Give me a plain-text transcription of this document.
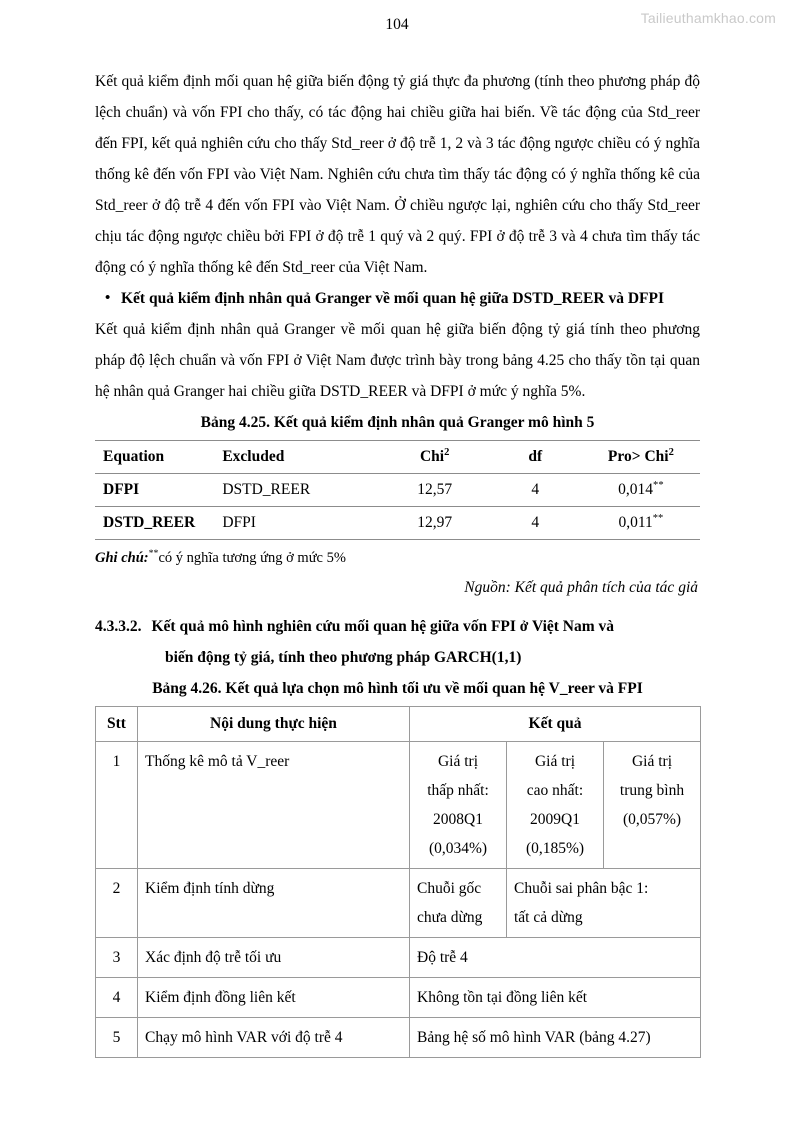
Tailieuthamkhao.com
104

Kết quả kiểm định mối quan hệ giữa biến động tỷ giá thực đa phương (tính theo phương pháp độ lệch chuẩn) và vốn FPI cho thấy, có tác động hai chiều giữa hai biến. Về tác động của Std_reer đến FPI, kết quả nghiên cứu cho thấy Std_reer ở độ trễ 1, 2 và 3 tác động ngược chiều có ý nghĩa thống kê đến vốn FPI vào Việt Nam. Nghiên cứu chưa tìm thấy tác động có ý nghĩa thống kê của Std_reer ở độ trễ 4 đến vốn FPI vào Việt Nam. Ở chiều ngược lại, nghiên cứu cho thấy Std_reer chịu tác động ngược chiều bởi FPI ở độ trễ 1 quý và 2 quý. FPI ở độ trễ 3 và 4 chưa tìm thấy tác động có ý nghĩa thống kê đến Std_reer của Việt Nam.

• Kết quả kiểm định nhân quả Granger về mối quan hệ giữa DSTD_REER và DFPI

Kết quả kiểm định nhân quả Granger về mối quan hệ giữa biến động tỷ giá tính theo phương pháp độ lệch chuẩn và vốn FPI ở Việt Nam được trình bày trong bảng 4.25 cho thấy tồn tại quan hệ nhân quả Granger hai chiều giữa DSTD_REER và DFPI ở mức ý nghĩa 5%.

Bảng 4.25. Kết quả kiểm định nhân quả Granger mô hình 5

Equation	Excluded	Chi$^2$	df	Pro> Chi$^2$
DFPI	DSTD_REER	12,57	4	0,014**
DSTD_REER	DFPI	12,97	4	0,011**

Ghi chú:**có ý nghĩa tương ứng ở mức 5%

Nguồn: Kết quả phân tích của tác giả

4.3.3.2. Kết quả mô hình nghiên cứu mối quan hệ giữa vốn FPI ở Việt Nam và
biến động tỷ giá, tính theo phương pháp GARCH(1,1)

Bảng 4.26. Kết quả lựa chọn mô hình tối ưu về mối quan hệ V_reer và FPI

Stt	Nội dung thực hiện	Kết quả		
1	Thống kê mô tả V_reer	Giá trị
thấp nhất:
2008Q1
(0,034%)	Giá trị
cao nhất:
2009Q1
(0,185%)	Giá trị
trung bình
(0,057%)
2	Kiểm định tính dừng	Chuỗi gốc
chưa dừng	Chuỗi sai phân bậc 1:
tất cả dừng	
3	Xác định độ trễ tối ưu	Độ trễ 4		
4	Kiểm định đồng liên kết	Không tồn tại đồng liên kết		
5	Chạy mô hình VAR với độ trễ 4	Bảng hệ số mô hình VAR (bảng 4.27)		
